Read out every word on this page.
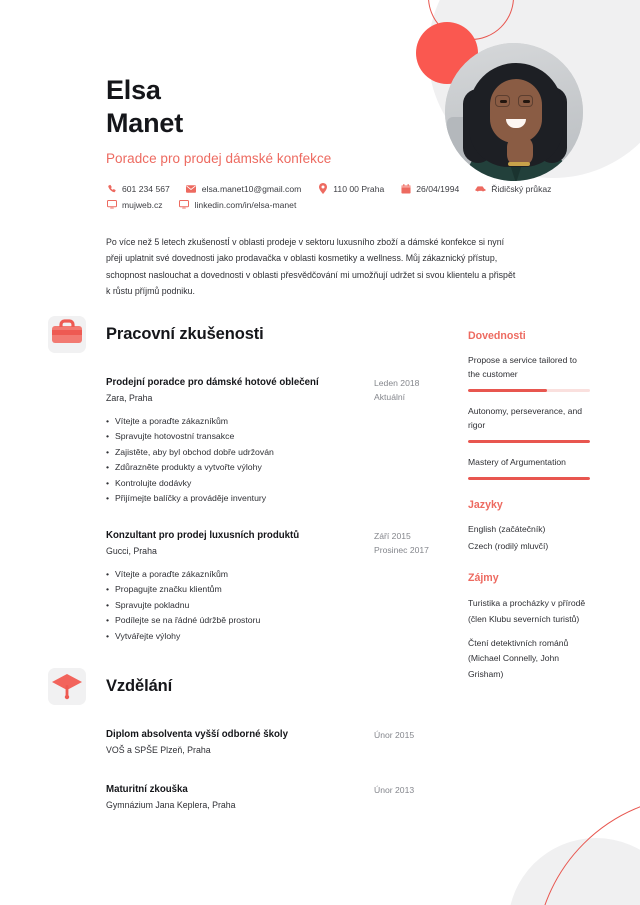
Elsa
Manet
Poradce pro prodej dámské konfekce
601 234 567	elsa.manet10@gmail.com	110 00 Praha	26/04/1994	Řidičský průkaz
mujweb.cz	linkedin.com/in/elsa-manet
Po více než 5 letech zkušenostÍ v oblasti prodeje v sektoru luxusního zboží a dámské konfekce si nyní přeji uplatnit své dovednosti jako prodavačka v oblasti kosmetiky a wellness. Můj zákaznický přístup, schopnost naslouchat a dovednosti v oblasti přesvědčování mi umožňují udržet si svou klientelu a přispět k růstu příjmů podniku.
Pracovní zkušenosti
Prodejní poradce pro dámské hotové oblečení
Zara, Praha
Leden 2018
Aktuální
• Vítejte a poraďte zákazníkům
• Spravujte hotovostní transakce
• Zajistěte, aby byl obchod dobře udržován
• Zdůrazněte produkty a vytvořte výlohy
• Kontrolujte dodávky
• Přijímejte balíčky a prováděje inventury
Konzultant pro prodej luxusních produktů
Gucci, Praha
Září 2015
Prosinec 2017
• Vítejte a poraďte zákazníkům
• Propagujte značku klientům
• Spravujte pokladnu
• Podílejte se na řádné údržbě prostoru
• Vytvářejte výlohy
Vzdělání
Diplom absolventa vyšší odborné školy
VOŠ a SPŠE Plzeň, Praha
Únor 2015
Maturitní zkouška
Gymnázium Jana Keplera, Praha
Únor 2013
Dovednosti
Propose a service tailored to the customer
Autonomy, perseverance, and rigor
Mastery of Argumentation
Jazyky
English (začátečník)
Czech (rodilý mluvčí)
Zájmy
Turistika a procházky v přírodě (člen Klubu severních turistů)
Čtení detektivních románů (Michael Connelly, John Grisham)
